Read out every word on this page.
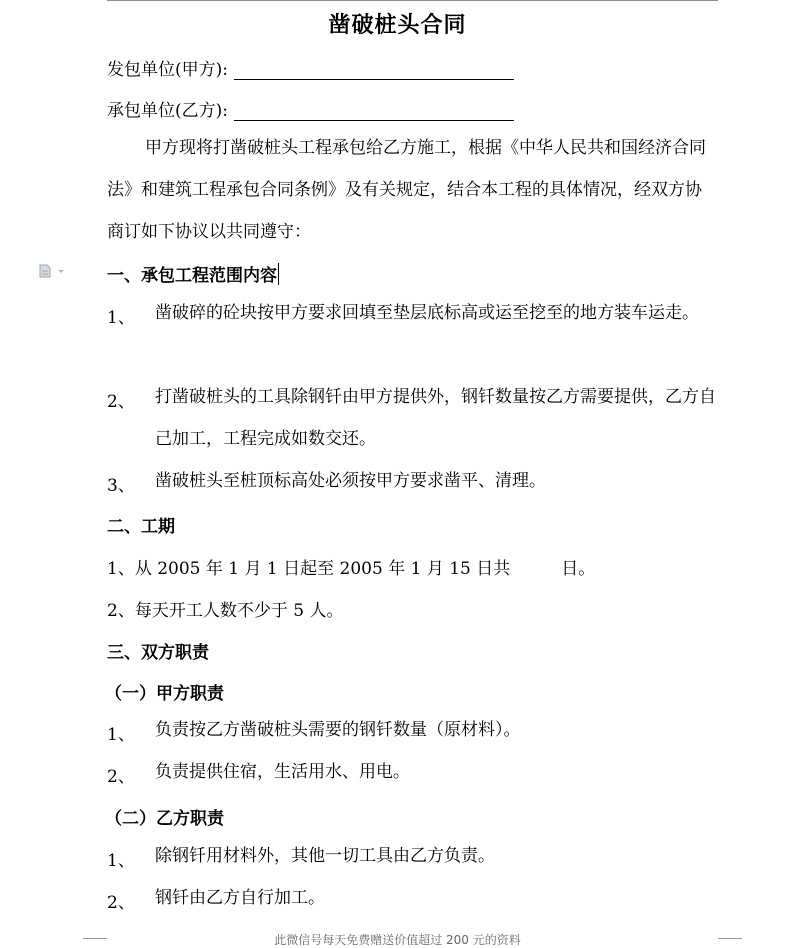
凿破桩头合同
发包单位(甲方):
承包单位(乙方):
甲方现将打凿破桩头工程承包给乙方施工，根据《中华人民共和国经济合同法》和建筑工程承包合同条例》及有关规定，结合本工程的具体情况，经双方协商订如下协议以共同遵守：
一、承包工程范围内容
1、 凿破碎的砼块按甲方要求回填至垫层底标高或运至挖至的地方装车运走。
2、 打凿破桩头的工具除钢钎由甲方提供外，钢钎数量按乙方需要提供，乙方自己加工，工程完成如数交还。
3、 凿破桩头至桩顶标高处必须按甲方要求凿平、清理。
二、工期
1、从 2005 年 1 月 1 日起至 2005 年 1 月 15 日共　　　日。
2、每天开工人数不少于 5 人。
三、双方职责
（一）甲方职责
1、 负责按乙方凿破桩头需要的钢钎数量（原材料）。
2、 负责提供住宿，生活用水、用电。
（二）乙方职责
1、 除钢钎用材料外，其他一切工具由乙方负责。
2、 钢钎由乙方自行加工。
此微信号每天免费赠送价值超过 200 元的资料
